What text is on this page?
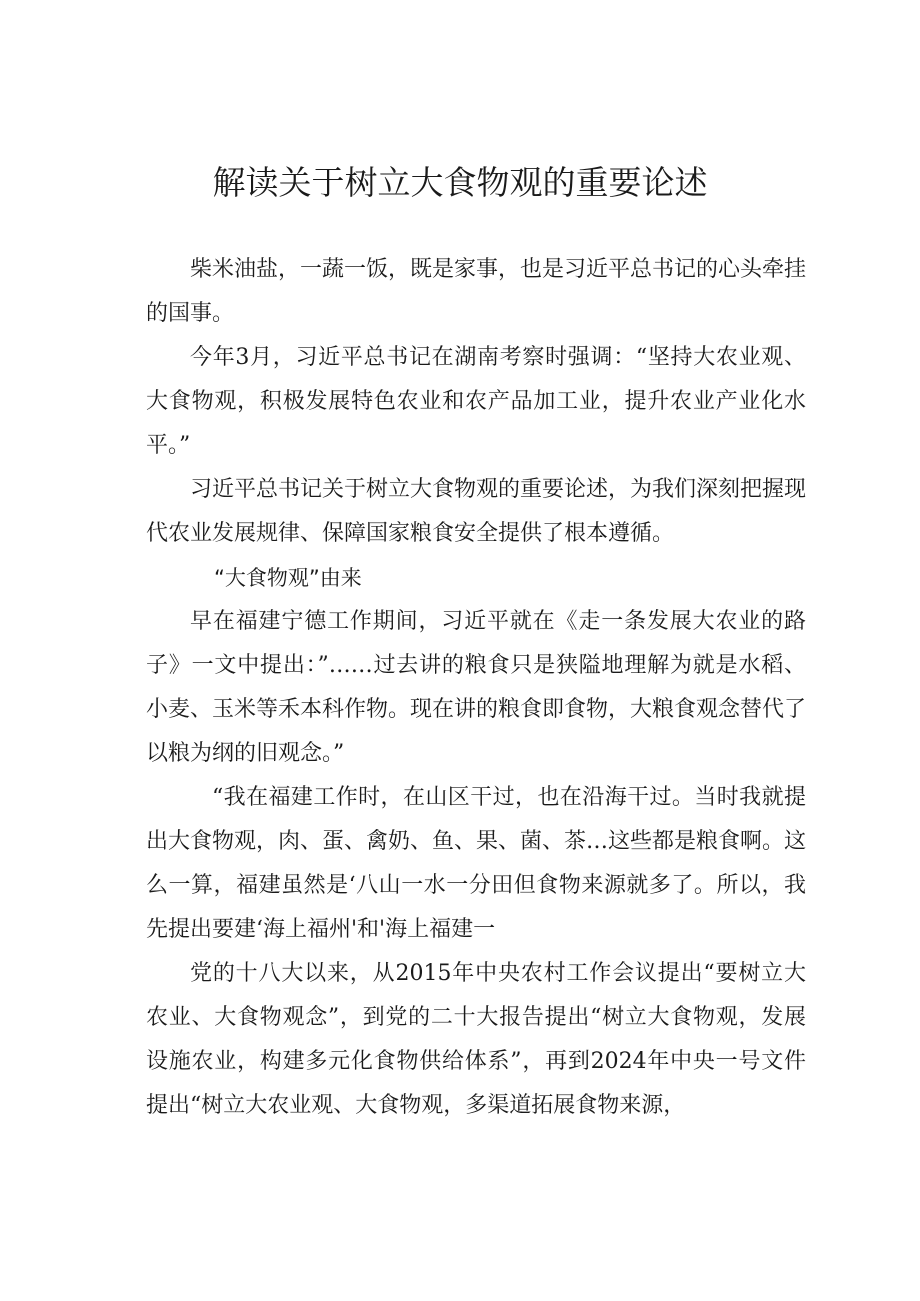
解读关于树立大食物观的重要论述

柴米油盐，一蔬一饭，既是家事，也是习近平总书记的心头牵挂的国事。

今年3月，习近平总书记在湖南考察时强调：“坚持大农业观、大食物观，积极发展特色农业和农产品加工业，提升农业产业化水平。”

习近平总书记关于树立大食物观的重要论述，为我们深刻把握现代农业发展规律、保障国家粮食安全提供了根本遵循。

“大食物观”由来

早在福建宁德工作期间，习近平就在《走一条发展大农业的路子》一文中提出：”……过去讲的粮食只是狭隘地理解为就是水稻、小麦、玉米等禾本科作物。现在讲的粮食即食物，大粮食观念替代了以粮为纲的旧观念。”

“我在福建工作时，在山区干过，也在沿海干过。当时我就提出大食物观，肉、蛋、禽奶、鱼、果、菌、茶…这些都是粮食啊。这么一算，福建虽然是‘八山一水一分田但食物来源就多了。所以，我先提出要建‘海上福州'和'海上福建一

党的十八大以来，从2015年中央农村工作会议提出“要树立大农业、大食物观念”，到党的二十大报告提出“树立大食物观，发展设施农业，构建多元化食物供给体系”，再到2024年中央一号文件提出“树立大农业观、大食物观，多渠道拓展食物来源，
